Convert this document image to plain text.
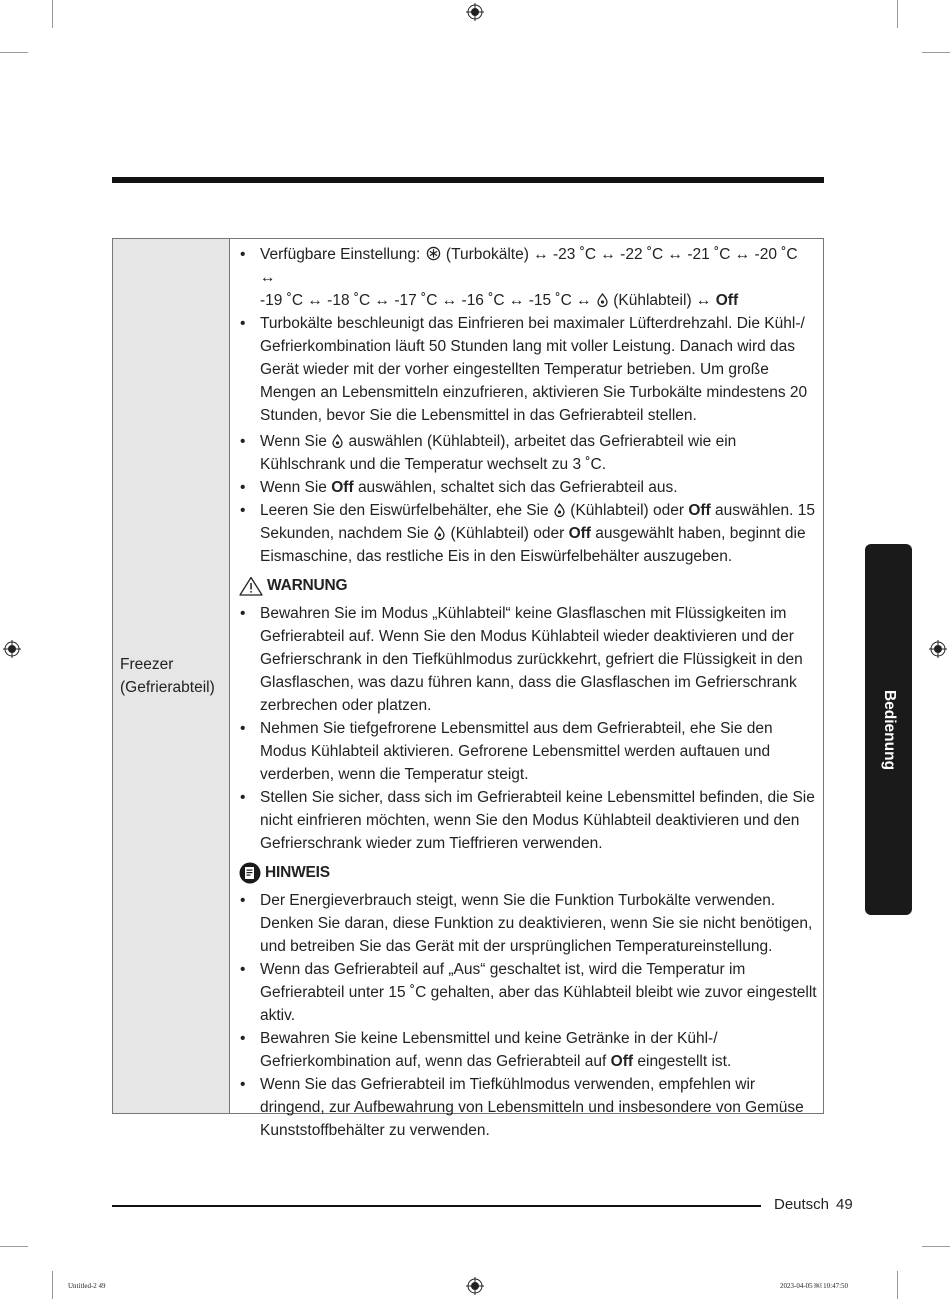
Freezer
(Gefrierabteil)
• Verfügbare Einstellung: (Turbokälte) ↔ -23 ˚C ↔ -22 ˚C ↔ -21 ˚C ↔ -20 ˚C ↔
-19 ˚C ↔ -18 ˚C ↔ -17 ˚C ↔ -16 ˚C ↔ -15 ˚C ↔ (Kühlabteil) ↔ Off
• Turbokälte beschleunigt das Einfrieren bei maximaler Lüfterdrehzahl. Die Kühl-/ Gefrierkombination läuft 50 Stunden lang mit voller Leistung. Danach wird das Gerät wieder mit der vorher eingestellten Temperatur betrieben. Um große Mengen an Lebensmitteln einzufrieren, aktivieren Sie Turbokälte mindestens 20 Stunden, bevor Sie die Lebensmittel in das Gefrierabteil stellen.
• Wenn Sie auswählen (Kühlabteil), arbeitet das Gefrierabteil wie ein Kühlschrank und die Temperatur wechselt zu 3 ˚C.
• Wenn Sie Off auswählen, schaltet sich das Gefrierabteil aus.
• Leeren Sie den Eiswürfelbehälter, ehe Sie (Kühlabteil) oder Off auswählen. 15 Sekunden, nachdem Sie (Kühlabteil) oder Off ausgewählt haben, beginnt die Eismaschine, das restliche Eis in den Eiswürfelbehälter auszugeben.
WARNUNG
• Bewahren Sie im Modus „Kühlabteil“ keine Glasflaschen mit Flüssigkeiten im Gefrierabteil auf. Wenn Sie den Modus Kühlabteil wieder deaktivieren und der Gefrierschrank in den Tiefkühlmodus zurückkehrt, gefriert die Flüssigkeit in den Glasflaschen, was dazu führen kann, dass die Glasflaschen im Gefrierschrank zerbrechen oder platzen.
• Nehmen Sie tiefgefrorene Lebensmittel aus dem Gefrierabteil, ehe Sie den Modus Kühlabteil aktivieren. Gefrorene Lebensmittel werden auftauen und verderben, wenn die Temperatur steigt.
• Stellen Sie sicher, dass sich im Gefrierabteil keine Lebensmittel befinden, die Sie nicht einfrieren möchten, wenn Sie den Modus Kühlabteil deaktivieren und den Gefrierschrank wieder zum Tieffrieren verwenden.
HINWEIS
• Der Energieverbrauch steigt, wenn Sie die Funktion Turbokälte verwenden. Denken Sie daran, diese Funktion zu deaktivieren, wenn Sie sie nicht benötigen, und betreiben Sie das Gerät mit der ursprünglichen Temperatureinstellung.
• Wenn das Gefrierabteil auf „Aus“ geschaltet ist, wird die Temperatur im Gefrierabteil unter 15 ˚C gehalten, aber das Kühlabteil bleibt wie zuvor eingestellt aktiv.
• Bewahren Sie keine Lebensmittel und keine Getränke in der Kühl-/ Gefrierkombination auf, wenn das Gefrierabteil auf Off eingestellt ist.
• Wenn Sie das Gefrierabteil im Tiefkühlmodus verwenden, empfehlen wir dringend, zur Aufbewahrung von Lebensmitteln und insbesondere von Gemüse Kunststoffbehälter zu verwenden.
Bedienung
Deutsch 49
Untitled-2 49	2023-04-05 ￼ 10:47:50
